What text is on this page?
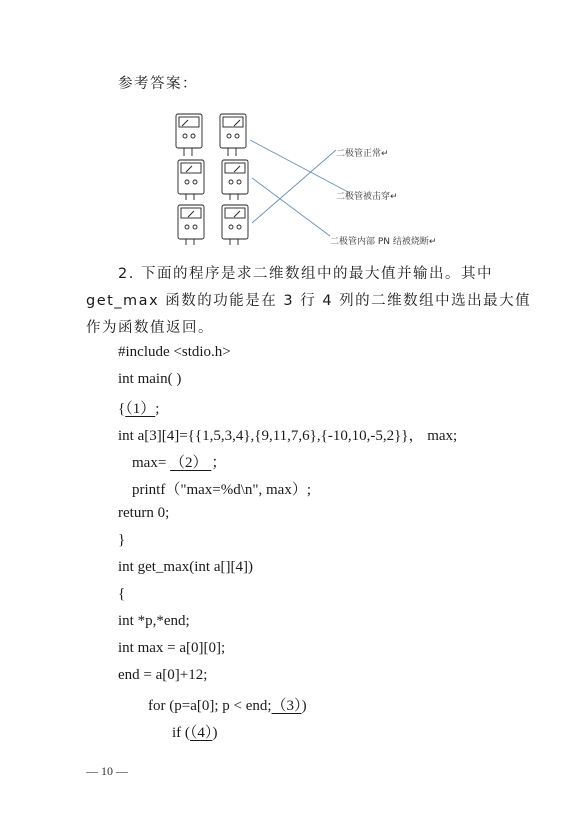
参考答案：
二极管正常↵
二极管被击穿↵
二极管内部 PN 结被烧断↵
2. 下面的程序是求二维数组中的最大值并输出。其中
get_max 函数的功能是在 3 行 4 列的二维数组中选出最大值
作为函数值返回。
#include <stdio.h>
int main( )
{（1）;
int a[3][4]={{1,5,3,4},{9,11,7,6},{-10,10,-5,2}}， max;
max= （2） ；
printf（"max=%d\n", max）;
return 0;
}
int get_max(int a[][4])
{
int *p,*end;
int max = a[0][0];
end = a[0]+12;
for (p=a[0]; p < end;（3）)
if (（4）)
— 10 —
